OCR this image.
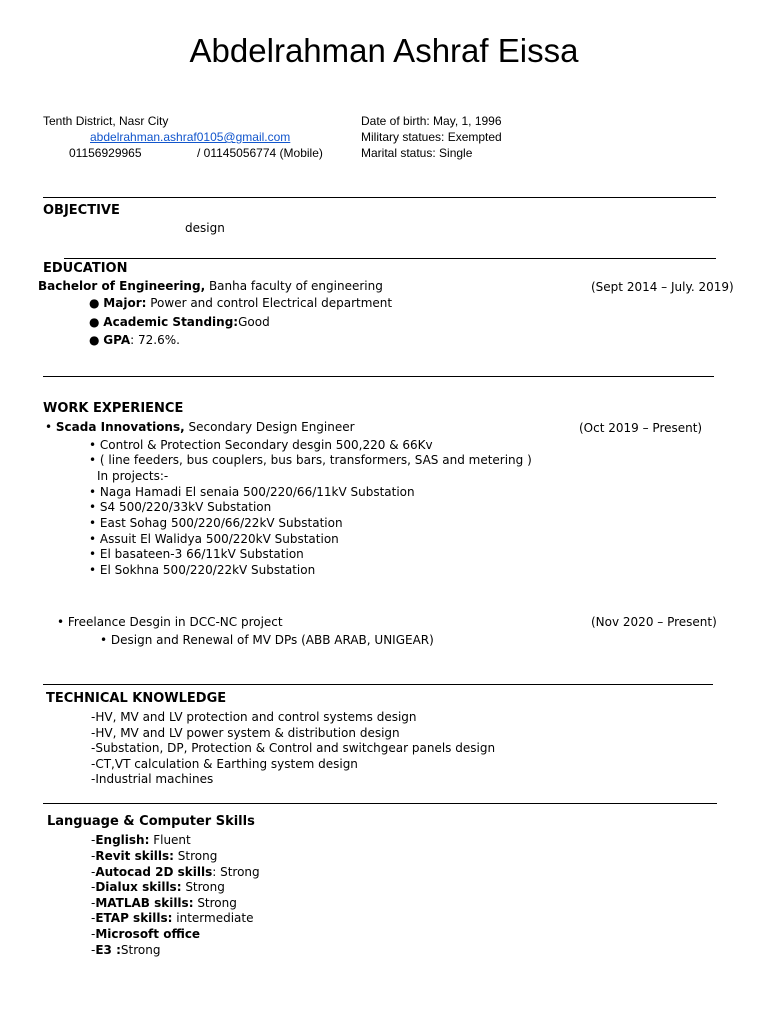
Abdelrahman Ashraf Eissa
Tenth District, Nasr City
abdelrahman.ashraf0105@gmail.com
01156929965	/ 01145056774 (Mobile)
Date of birth: May, 1, 1996
Military statues: Exempted
Marital status: Single
OBJECTIVE
design
EDUCATION
Bachelor of Engineering, Banha faculty of engineering	(Sept 2014 – July. 2019)
● Major: Power and control Electrical department
● Academic Standing:Good
● GPA: 72.6%.
WORK EXPERIENCE
• Scada Innovations, Secondary Design Engineer	(Oct 2019 – Present)
• Control & Protection Secondary desgin 500,220 & 66Kv
• ( line feeders, bus couplers, bus bars, transformers, SAS and metering )
In projects:-
• Naga Hamadi El senaia 500/220/66/11kV Substation
• S4 500/220/33kV Substation
• East Sohag 500/220/66/22kV Substation
• Assuit El Walidya 500/220kV Substation
• El basateen-3 66/11kV Substation
• El Sokhna 500/220/22kV Substation
• Freelance Desgin in DCC-NC project	(Nov 2020 – Present)
• Design and Renewal of MV DPs (ABB ARAB, UNIGEAR)
TECHNICAL KNOWLEDGE
-HV, MV and LV protection and control systems design
-HV, MV and LV power system & distribution design
-Substation, DP, Protection & Control and switchgear panels design
-CT,VT calculation & Earthing system design
-Industrial machines
Language & Computer Skills
-English: Fluent
-Revit skills: Strong
-Autocad 2D skills: Strong
-Dialux skills: Strong
-MATLAB skills: Strong
-ETAP skills: intermediate
-Microsoft office
-E3 :Strong
